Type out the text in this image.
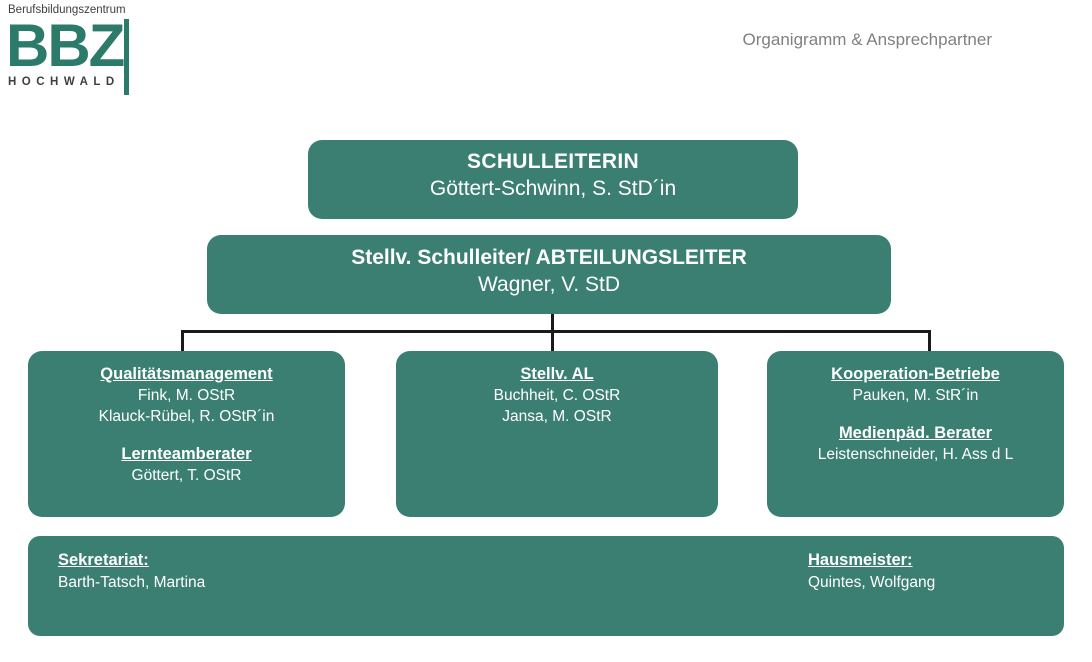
Berufsbildungszentrum
BBZ
HOCHWALD
Organigramm & Ansprechpartner
SCHULLEITERIN
Göttert-Schwinn, S. StD´in
Stellv. Schulleiter/ ABTEILUNGSLEITER
Wagner, V. StD
Qualitätsmanagement
Fink, M. OStR
Klauck-Rübel, R. OStR´in
Lernteamberater
Göttert, T. OStR
Stellv. AL
Buchheit, C. OStR
Jansa, M. OStR
Kooperation-Betriebe
Pauken, M. StR´in
Medienpäd. Berater
Leistenschneider, H. Ass d L
Sekretariat:
Barth-Tatsch, Martina
Hausmeister:
Quintes, Wolfgang
